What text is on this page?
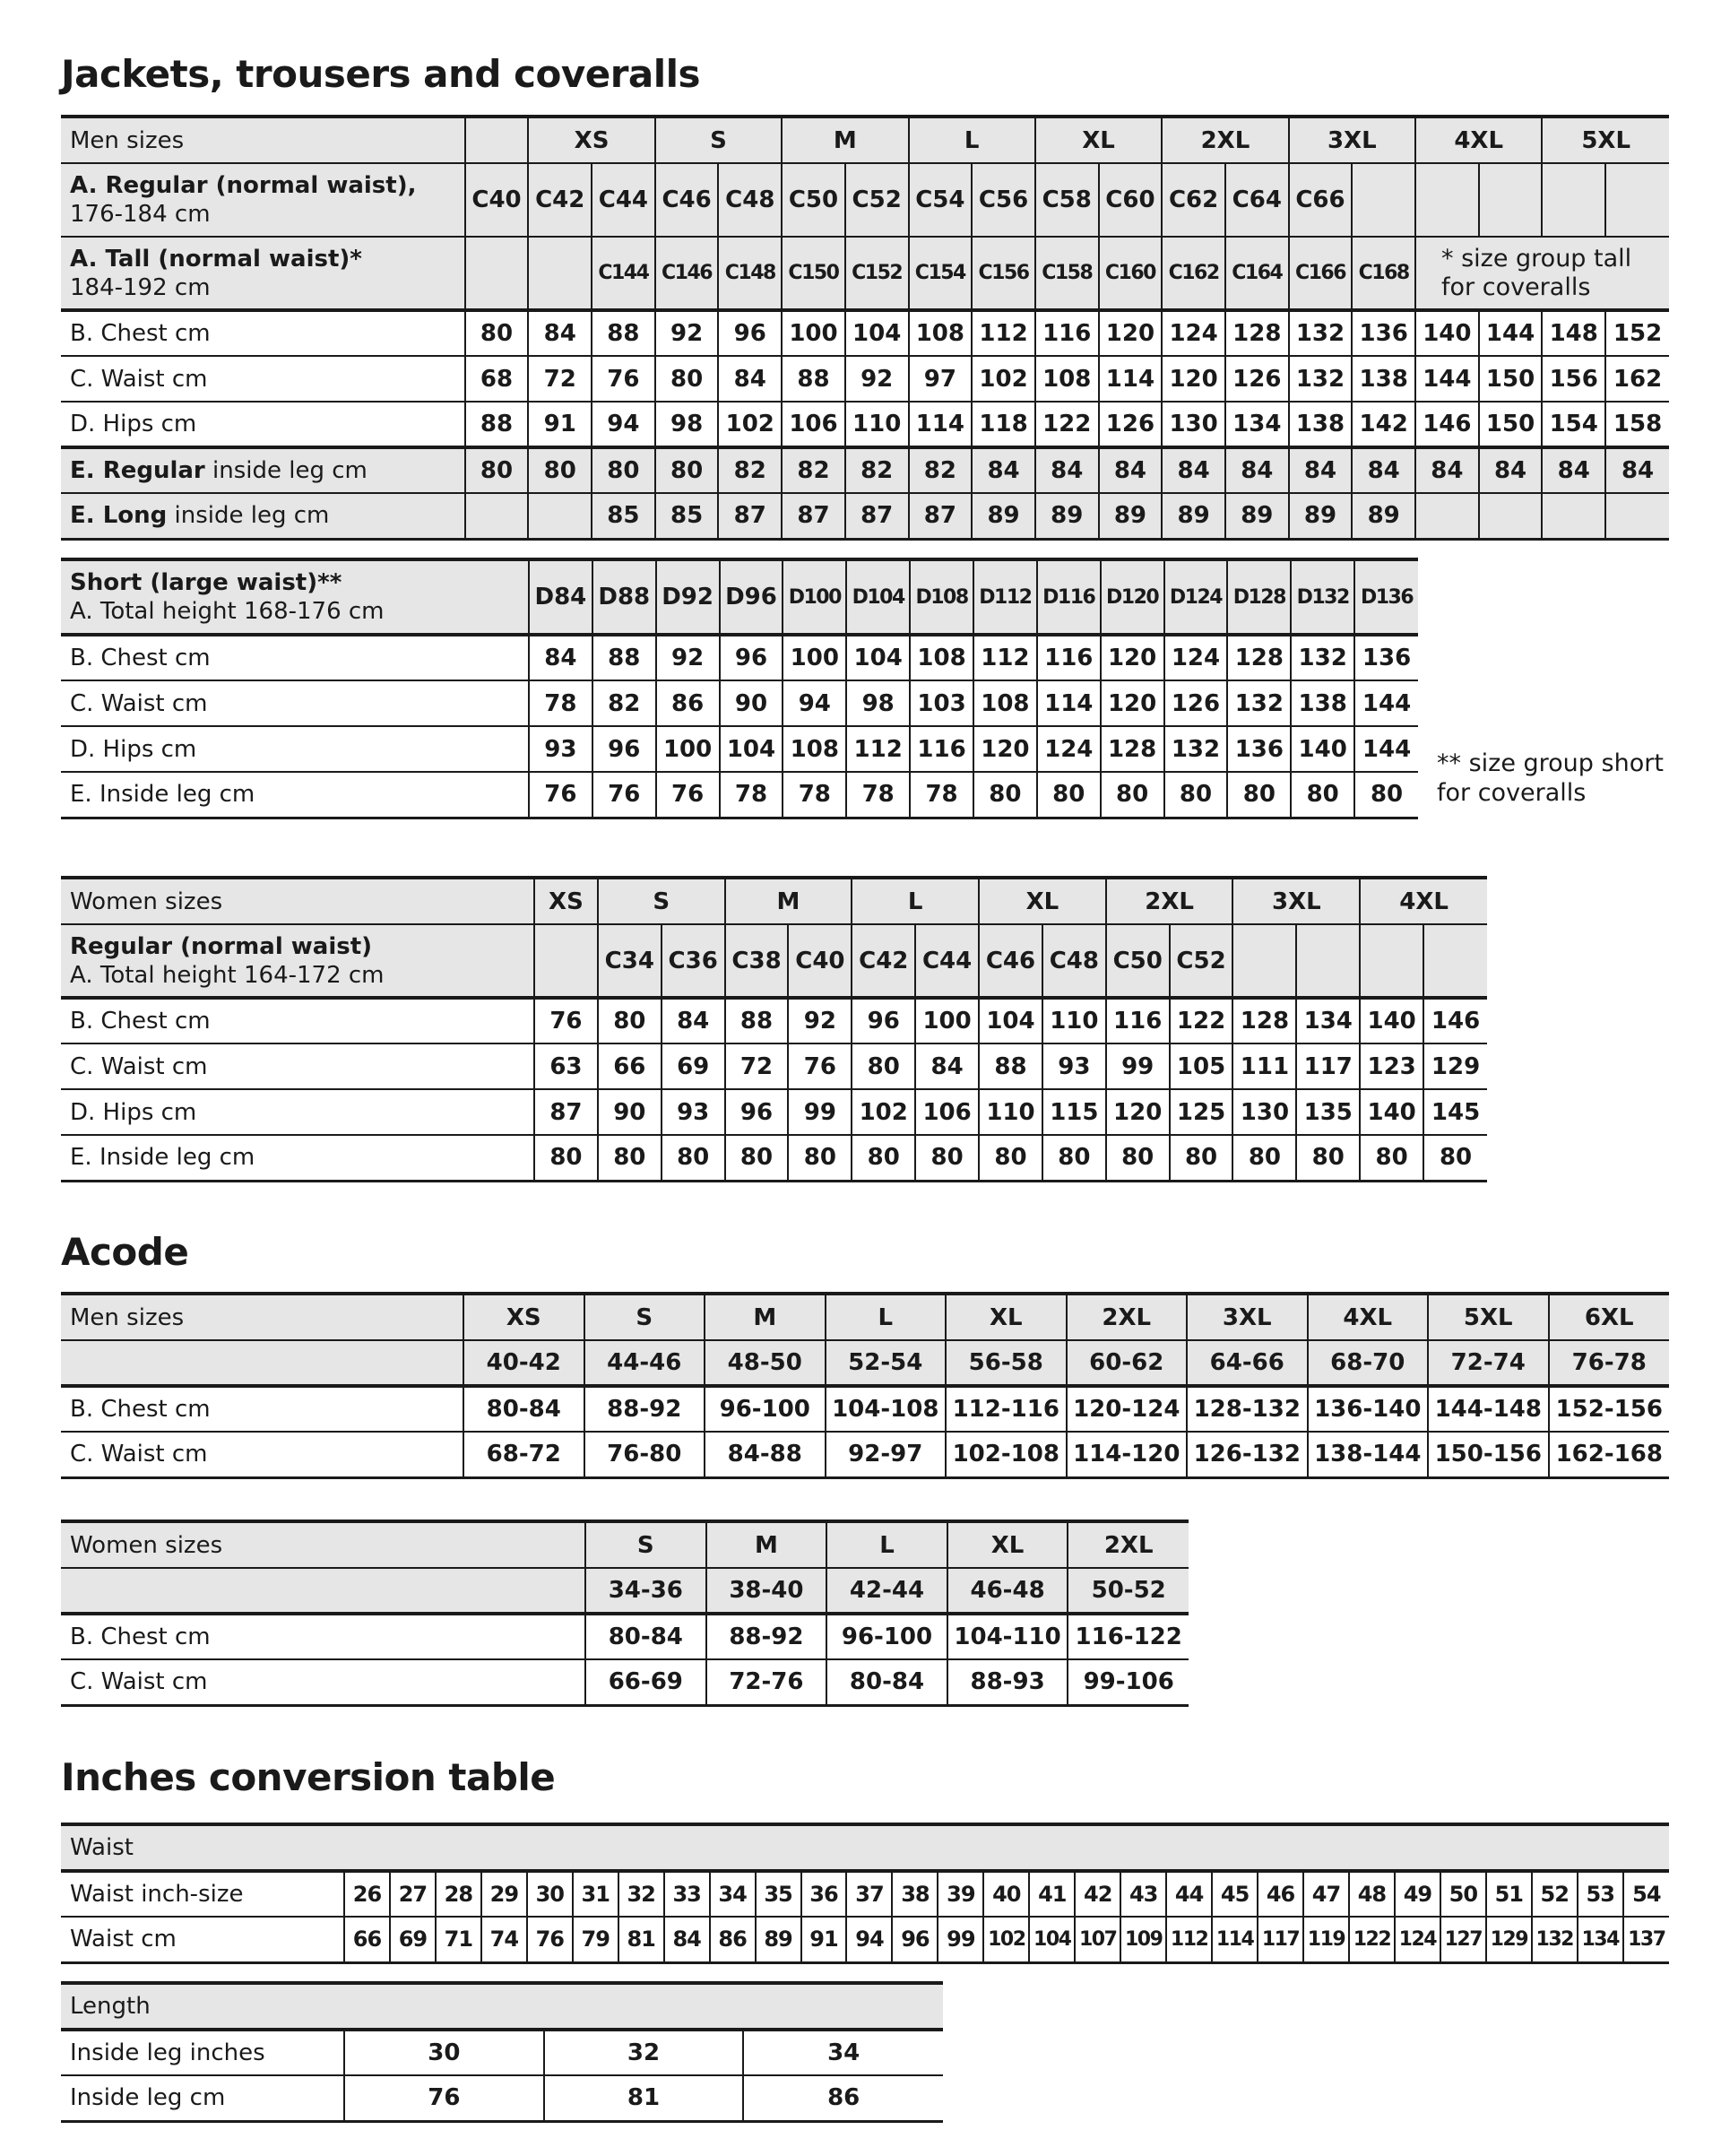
Jackets, trousers and coveralls
Men sizes		XS		S		M		L		XL		2XL		3XL		4XL		5XL	
A. Regular (normal waist),
176-184 cm	C40	C42	C44	C46	C48	C50	C52	C54	C56	C58	C60	C62	C64	C66					
A. Tall (normal waist)*
184-192 cm			C144	C146	C148	C150	C152	C154	C156	C158	C160	C162	C164	C166	C168	* size group tall
for coveralls			
B. Chest cm	80	84	88	92	96	100	104	108	112	116	120	124	128	132	136	140	144	148	152
C. Waist cm	68	72	76	80	84	88	92	97	102	108	114	120	126	132	138	144	150	156	162
D. Hips cm	88	91	94	98	102	106	110	114	118	122	126	130	134	138	142	146	150	154	158
E. Regular inside leg cm	80	80	80	80	82	82	82	82	84	84	84	84	84	84	84	84	84	84	84
E. Long inside leg cm			85	85	87	87	87	87	89	89	89	89	89	89	89				
Short (large waist)**
A. Total height 168-176 cm	D84	D88	D92	D96	D100	D104	D108	D112	D116	D120	D124	D128	D132	D136
B. Chest cm	84	88	92	96	100	104	108	112	116	120	124	128	132	136
C. Waist cm	78	82	86	90	94	98	103	108	114	120	126	132	138	144
D. Hips cm	93	96	100	104	108	112	116	120	124	128	132	136	140	144
E. Inside leg cm	76	76	76	78	78	78	78	80	80	80	80	80	80	80
** size group short
for coveralls
Women sizes	XS	S		M		L		XL		2XL		3XL		4XL	
Regular (normal waist)
A. Total height 164-172 cm		C34	C36	C38	C40	C42	C44	C46	C48	C50	C52				
B. Chest cm	76	80	84	88	92	96	100	104	110	116	122	128	134	140	146
C. Waist cm	63	66	69	72	76	80	84	88	93	99	105	111	117	123	129
D. Hips cm	87	90	93	96	99	102	106	110	115	120	125	130	135	140	145
E. Inside leg cm	80	80	80	80	80	80	80	80	80	80	80	80	80	80	80
Acode
Men sizes	XS	S	M	L	XL	2XL	3XL	4XL	5XL	6XL
	40-42	44-46	48-50	52-54	56-58	60-62	64-66	68-70	72-74	76-78
B. Chest cm	80-84	88-92	96-100	104-108	112-116	120-124	128-132	136-140	144-148	152-156
C. Waist cm	68-72	76-80	84-88	92-97	102-108	114-120	126-132	138-144	150-156	162-168
Women sizes	S	M	L	XL	2XL
	34-36	38-40	42-44	46-48	50-52
B. Chest cm	80-84	88-92	96-100	104-110	116-122
C. Waist cm	66-69	72-76	80-84	88-93	99-106
Inches conversion table
Waist																													
Waist inch-size	26	27	28	29	30	31	32	33	34	35	36	37	38	39	40	41	42	43	44	45	46	47	48	49	50	51	52	53	54
Waist cm	66	69	71	74	76	79	81	84	86	89	91	94	96	99	102	104	107	109	112	114	117	119	122	124	127	129	132	134	137
Length			
Inside leg inches	30	32	34
Inside leg cm	76	81	86
